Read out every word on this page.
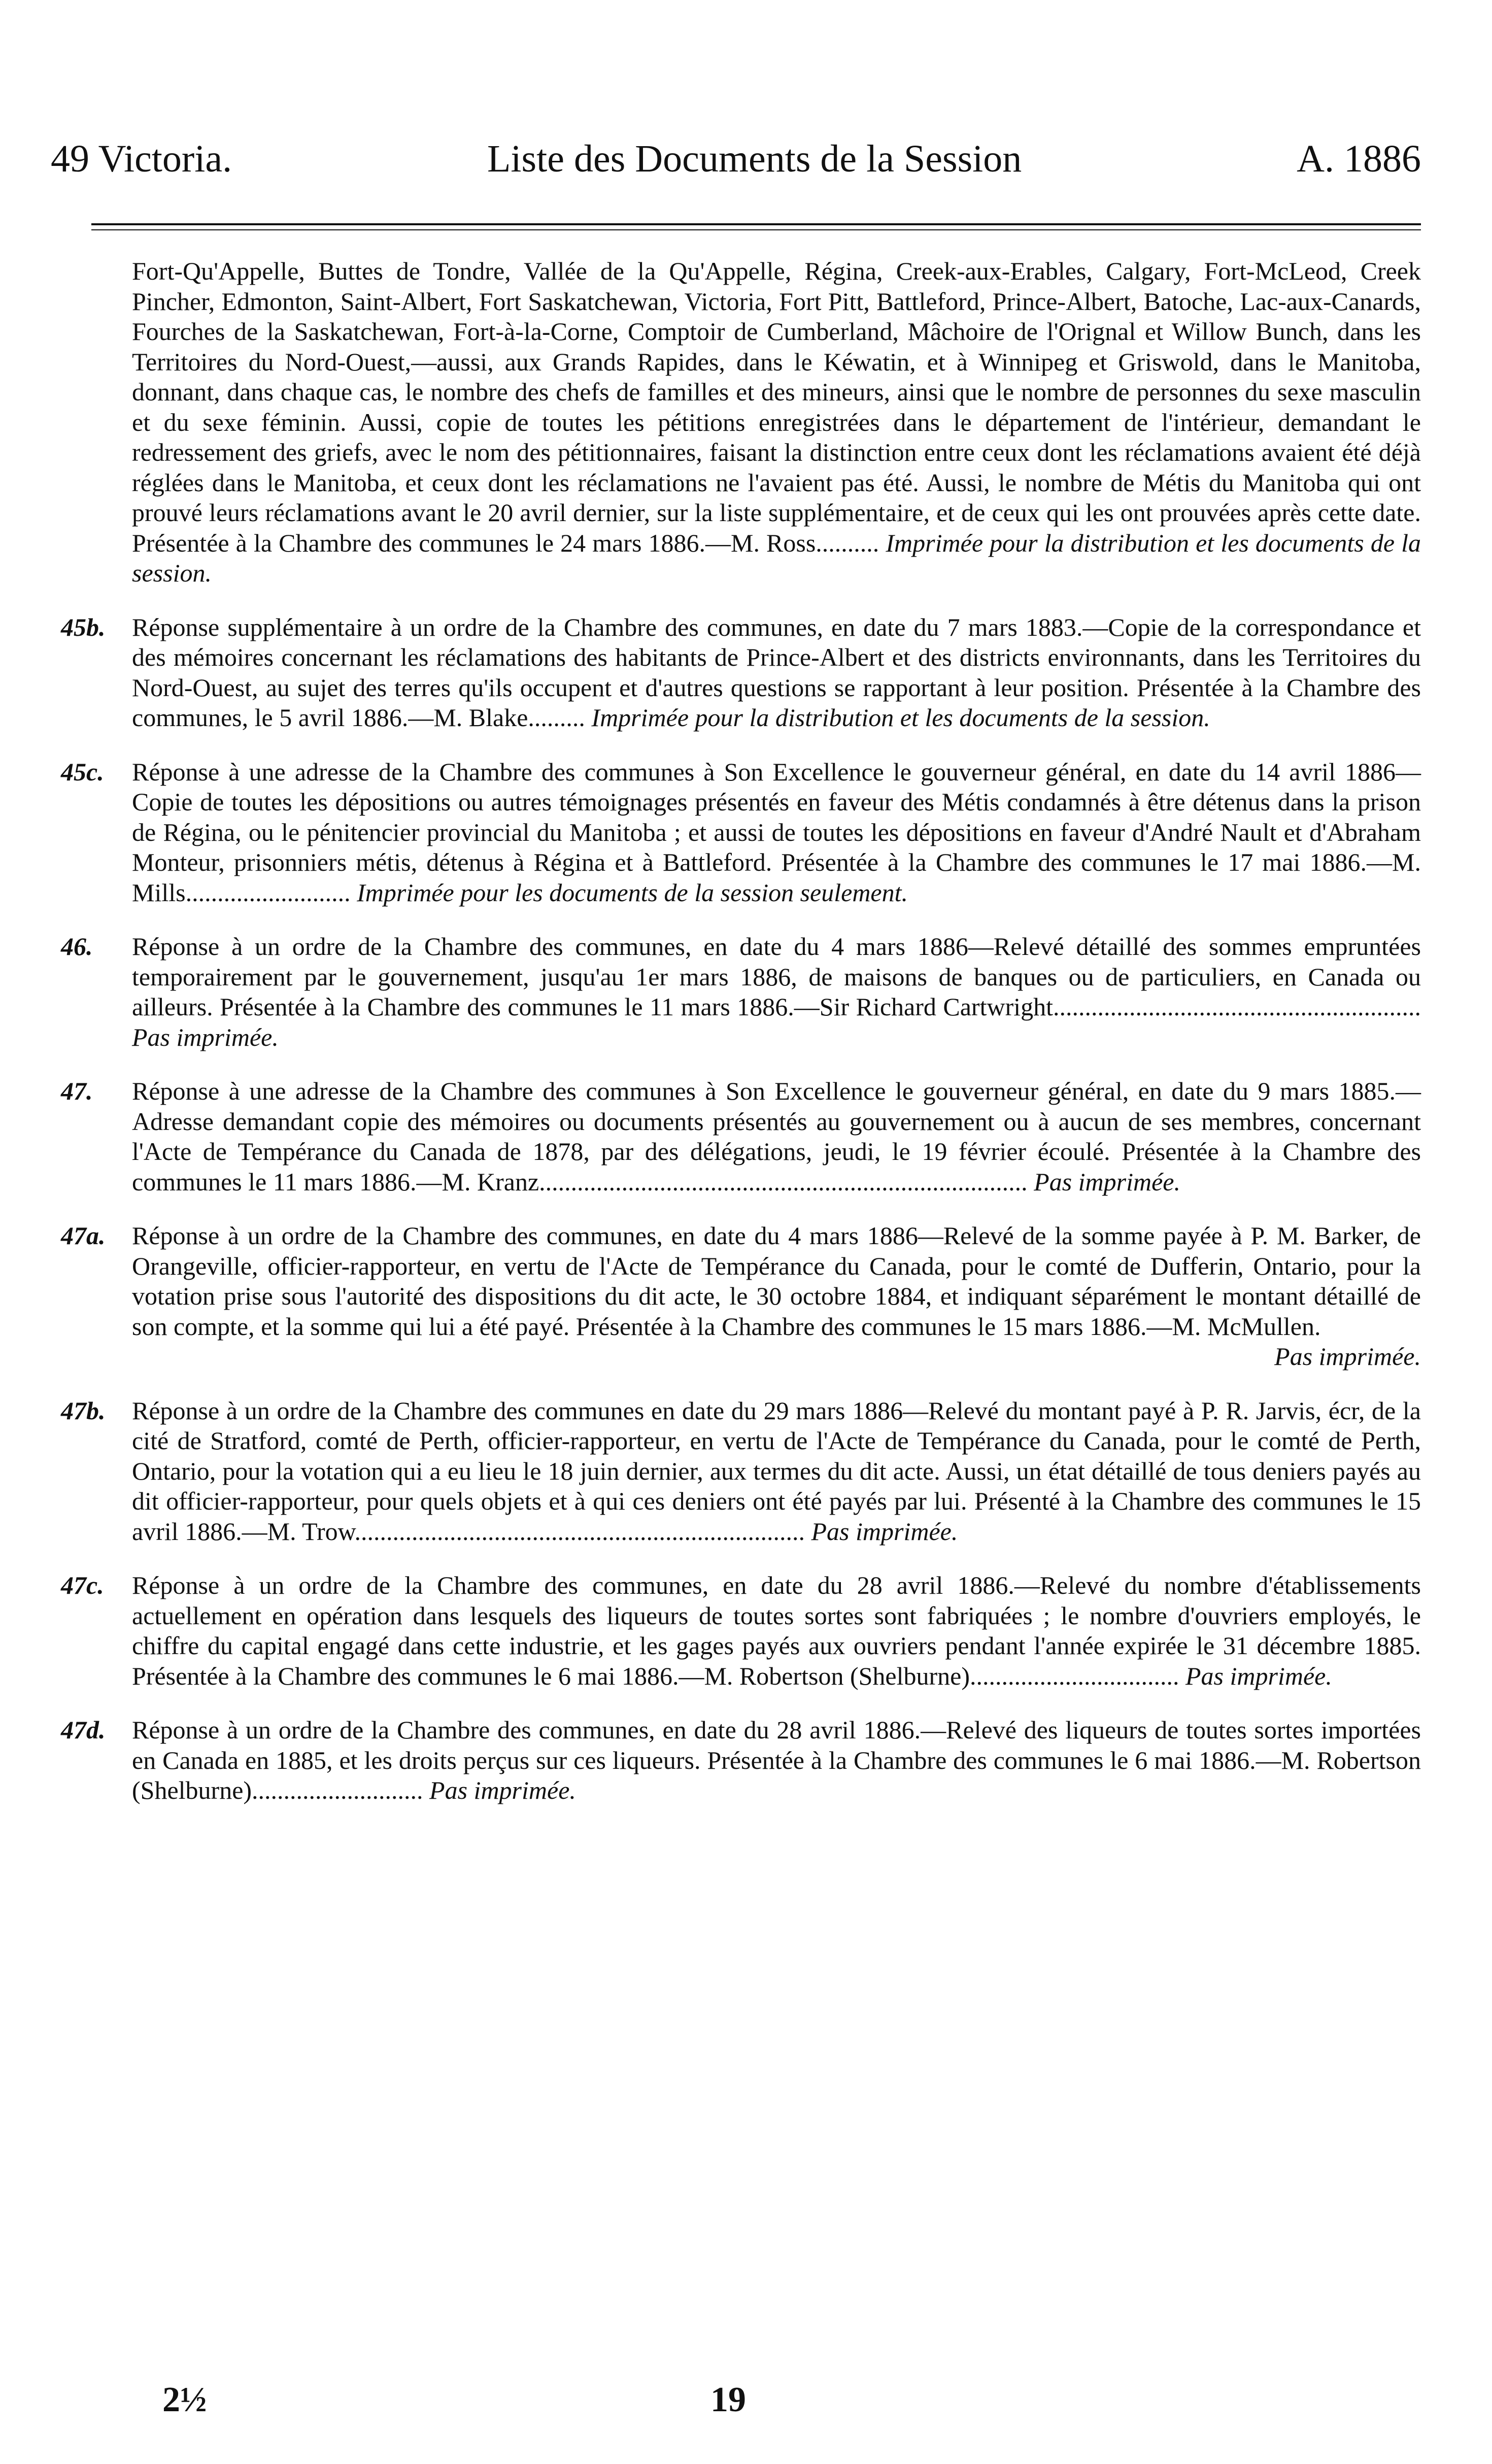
49 Victoria.	Liste des Documents de la Session	A. 1886
Fort-Qu'Appelle, Buttes de Tondre, Vallée de la Qu'Appelle, Régina, Creek-aux-Erables, Calgary, Fort-McLeod, Creek Pincher, Edmonton, Saint-Albert, Fort Saskatchewan, Victoria, Fort Pitt, Battleford, Prince-Albert, Batoche, Lac-aux-Canards, Fourches de la Saskatchewan, Fort-à-la-Corne, Comptoir de Cumberland, Mâchoire de l'Orignal et Willow Bunch, dans les Territoires du Nord-Ouest,—aussi, aux Grands Rapides, dans le Kéwatin, et à Winnipeg et Griswold, dans le Manitoba, donnant, dans chaque cas, le nombre des chefs de familles et des mineurs, ainsi que le nombre de personnes du sexe masculin et du sexe féminin. Aussi, copie de toutes les pétitions enregistrées dans le département de l'intérieur, demandant le redressement des griefs, avec le nom des pétitionnaires, faisant la distinction entre ceux dont les réclamations avaient été déjà réglées dans le Manitoba, et ceux dont les réclamations ne l'avaient pas été. Aussi, le nombre de Métis du Manitoba qui ont prouvé leurs réclamations avant le 20 avril dernier, sur la liste supplémentaire, et de ceux qui les ont prouvées après cette date. Présentée à la Chambre des communes le 24 mars 1886.—M. Ross.......... Imprimée pour la distribution et les documents de la session.
45b. Réponse supplémentaire à un ordre de la Chambre des communes, en date du 7 mars 1883.—Copie de la correspondance et des mémoires concernant les réclamations des habitants de Prince-Albert et des districts environnants, dans les Territoires du Nord-Ouest, au sujet des terres qu'ils occupent et d'autres questions se rapportant à leur position. Présentée à la Chambre des communes, le 5 avril 1886.—M. Blake......... Imprimée pour la distribution et les documents de la session.
45c. Réponse à une adresse de la Chambre des communes à Son Excellence le gouverneur général, en date du 14 avril 1886—Copie de toutes les dépositions ou autres témoignages présentés en faveur des Métis condamnés à être détenus dans la prison de Régina, ou le pénitencier provincial du Manitoba ; et aussi de toutes les dépositions en faveur d'André Nault et d'Abraham Monteur, prisonniers métis, détenus à Régina et à Battleford. Présentée à la Chambre des communes le 17 mai 1886.—M. Mills.......................... Imprimée pour les documents de la session seulement.
46. Réponse à un ordre de la Chambre des communes, en date du 4 mars 1886—Relevé détaillé des sommes empruntées temporairement par le gouvernement, jusqu'au 1er mars 1886, de maisons de banques ou de particuliers, en Canada ou ailleurs. Présentée à la Chambre des communes le 11 mars 1886.—Sir Richard Cartwright.......................................................... Pas imprimée.
47. Réponse à une adresse de la Chambre des communes à Son Excellence le gouverneur général, en date du 9 mars 1885.—Adresse demandant copie des mémoires ou documents présentés au gouvernement ou à aucun de ses membres, concernant l'Acte de Tempérance du Canada de 1878, par des délégations, jeudi, le 19 février écoulé. Présentée à la Chambre des communes le 11 mars 1886.—M. Kranz............................................................................. Pas imprimée.
47a. Réponse à un ordre de la Chambre des communes, en date du 4 mars 1886—Relevé de la somme payée à P. M. Barker, de Orangeville, officier-rapporteur, en vertu de l'Acte de Tempérance du Canada, pour le comté de Dufferin, Ontario, pour la votation prise sous l'autorité des dispositions du dit acte, le 30 octobre 1884, et indiquant séparément le montant détaillé de son compte, et la somme qui lui a été payé. Présentée à la Chambre des communes le 15 mars 1886.—M. McMullen.
Pas imprimée.
47b. Réponse à un ordre de la Chambre des communes en date du 29 mars 1886—Relevé du montant payé à P. R. Jarvis, écr, de la cité de Stratford, comté de Perth, officier-rapporteur, en vertu de l'Acte de Tempérance du Canada, pour le comté de Perth, Ontario, pour la votation qui a eu lieu le 18 juin dernier, aux termes du dit acte. Aussi, un état détaillé de tous deniers payés au dit officier-rapporteur, pour quels objets et à qui ces deniers ont été payés par lui. Présenté à la Chambre des communes le 15 avril 1886.—M. Trow....................................................................... Pas imprimée.
47c. Réponse à un ordre de la Chambre des communes, en date du 28 avril 1886.—Relevé du nombre d'établissements actuellement en opération dans lesquels des liqueurs de toutes sortes sont fabriquées ; le nombre d'ouvriers employés, le chiffre du capital engagé dans cette industrie, et les gages payés aux ouvriers pendant l'année expirée le 31 décembre 1885. Présentée à la Chambre des communes le 6 mai 1886.—M. Robertson (Shelburne)................................. Pas imprimée.
47d. Réponse à un ordre de la Chambre des communes, en date du 28 avril 1886.—Relevé des liqueurs de toutes sortes importées en Canada en 1885, et les droits perçus sur ces liqueurs. Présentée à la Chambre des communes le 6 mai 1886.—M. Robertson (Shelburne)........................... Pas imprimée.
2½	19
